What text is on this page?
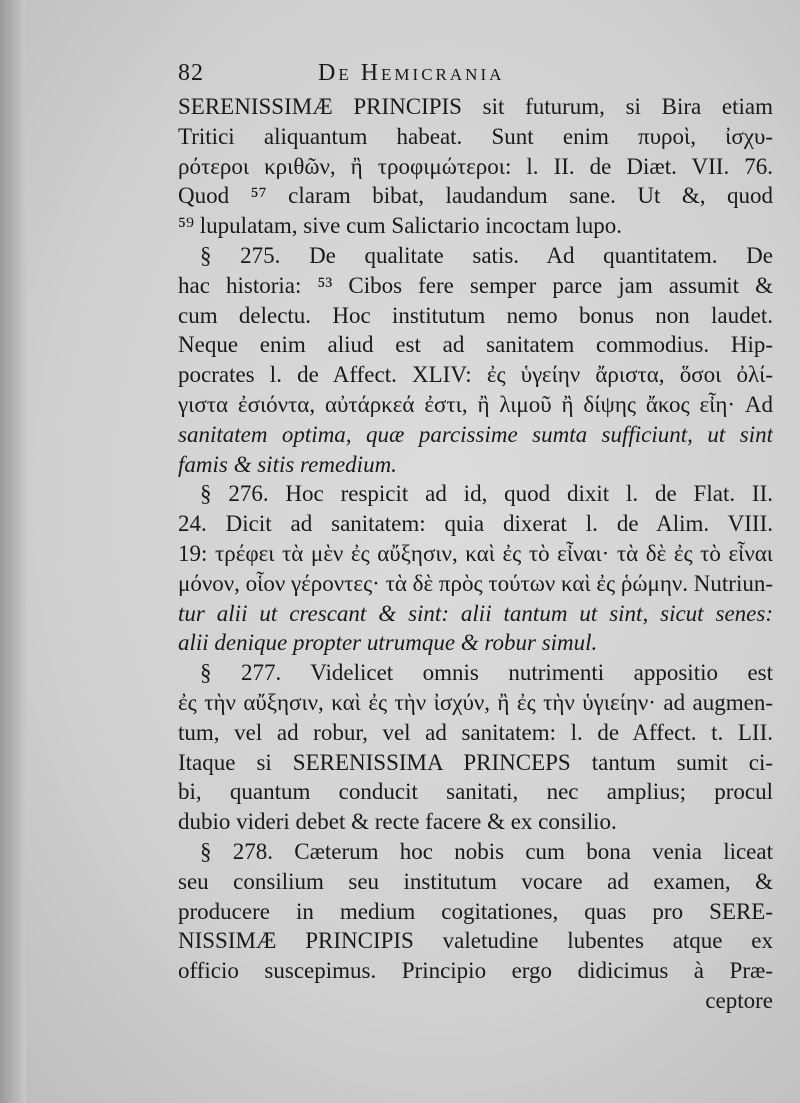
82	De Hemicrania
SERENISSIMÆ PRINCIPIS sit futurum, si Bira etiam
Tritici aliquantum habeat. Sunt enim πυροὶ, ἰσχυ-
ρότεροι κριθῶν, ἢ τροφιμώτεροι: l. II. de Diæt. VII. 76.
Quod ⁵⁷ claram bibat, laudandum sane. Ut &, quod
⁵⁹ lupulatam, sive cum Salictario incoctam lupo.
§ 275. De qualitate satis. Ad quantitatem. De
hac historia: ⁵³ Cibos fere semper parce jam assumit &
cum delectu. Hoc institutum nemo bonus non laudet.
Neque enim aliud est ad sanitatem commodius. Hip-
pocrates l. de Affect. XLIV: ἐς ὑγείην ἄριστα, ὅσοι ὀλί-
γιστα ἐσιόντα, αὐτάρκεά ἐστι, ἢ λιμοῦ ἢ δίψης ἄκος εἶη· Ad
sanitatem optima, quæ parcissime sumta sufficiunt, ut sint
famis & sitis remedium.
§ 276. Hoc respicit ad id, quod dixit l. de Flat. II.
24. Dicit ad sanitatem: quia dixerat l. de Alim. VIII.
19: τρέφει τὰ μὲν ἐς αὔξησιν, καὶ ἐς τὸ εἶναι· τὰ δὲ ἐς τὸ εἶναι
μόνον, οἷον γέροντες· τὰ δὲ πρὸς τούτων καὶ ἐς ῥώμην. Nutriun-
tur alii ut crescant & sint: alii tantum ut sint, sicut senes:
alii denique propter utrumque & robur simul.
§ 277. Videlicet omnis nutrimenti appositio est
ἐς τὴν αὔξησιν, καὶ ἐς τὴν ἰσχύν, ἢ ἐς τὴν ὑγιείην· ad augmen-
tum, vel ad robur, vel ad sanitatem: l. de Affect. t. LII.
Itaque si SERENISSIMA PRINCEPS tantum sumit ci-
bi, quantum conducit sanitati, nec amplius; procul
dubio videri debet & recte facere & ex consilio.
§ 278. Cæterum hoc nobis cum bona venia liceat
seu consilium seu institutum vocare ad examen, &
producere in medium cogitationes, quas pro SERE-
NISSIMÆ PRINCIPIS valetudine lubentes atque ex
officio suscepimus. Principio ergo didicimus à Præ-
ceptore
